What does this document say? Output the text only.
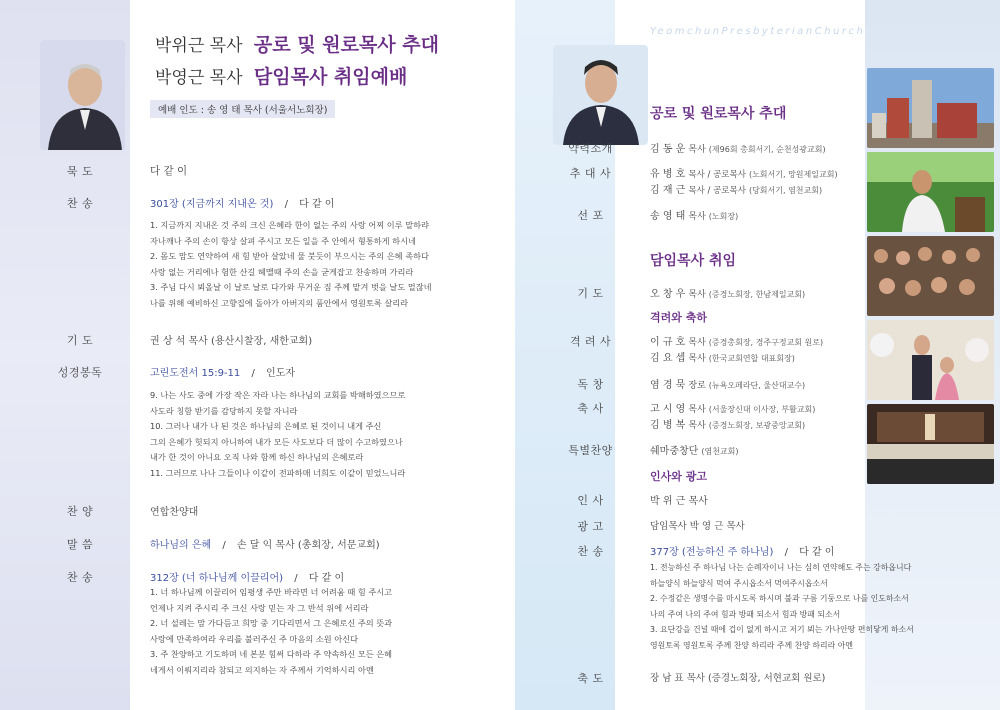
박위근 목사 공로 및 원로목사 추대
박영근 목사 담임목사 취임예배
예배 인도 : 송 영 태 목사 (서울서노회장)
묵 도	다 같 이
찬 송	301장 (지금까지 지내온 것) / 다 같 이
1. 지금까지 지내온 것 주의 크신 은혜라 한이 없는 주의 사랑 어찌 이루 말하랴
자나깨나 주의 손이 항상 살펴 주시고 모든 일을 주 안에서 형통하게 하시네
2. 몸도 맘도 연약하여 새 힘 받아 살았네 물 붓듯이 부으시는 주의 은혜 족하다
사랑 없는 거리에나 험한 산길 헤맬때 주의 손을 굳게잡고 찬송하며 가리라
3. 주님 다시 뵈올날 이 날로 날로 다가와 무거운 짐 주께 맡겨 벗을 날도 멀잖네
나를 위해 예비하신 고향집에 돌아가 아버지의 품안에서 영원토록 살리라
기 도	권 상 석 목사 (용산시찰장, 새한교회)
성경봉독	고린도전서 15:9-11 / 인도자
9. 나는 사도 중에 가장 작은 자라 나는 하나님의 교회를 박해하였으므로
사도라 칭함 받기를 감당하지 못할 자니라
10. 그러나 내가 나 된 것은 하나님의 은혜로 된 것이니 내게 주신
그의 은혜가 헛되지 아니하여 내가 모든 사도보다 더 많이 수고하였으나
내가 한 것이 아니요 오직 나와 함께 하신 하나님의 은혜로라
11. 그러므로 나나 그들이나 이같이 전파하매 너희도 이같이 믿었느니라
찬 양	연합찬양대
말 씀	하나님의 은혜 / 손 달 익 목사 (총회장, 서문교회)
찬 송	312장 (너 하나님께 이끌리어) / 다 같 이
1. 너 하나님께 이끌리어 임평생 주만 바라면 너 어려움 때 힘 주시고
언제나 지켜 주시리 주 크신 사랑 믿는 자 그 반석 위에 서리라
2. 너 설레는 맘 가다듬고 희망 중 기다리면서 그 은혜로신 주의 뜻과
사랑에 만족하여라 우리를 불러주신 주 마음의 소원 아신다
3. 주 찬양하고 기도하며 네 본분 힘써 다하라 주 약속하신 모든 은혜
네게서 이뤄지리라 참되고 의지하는 자 주께서 기억하시리 아멘
YeomchunPresbyterianChurch
공로 및 원로목사 추대
약력소개	김 동 운 목사 (제96회 총회서기, 순천성광교회)
추 대 사	유 병 호 목사 / 공로목사 (노회서기, 망원제일교회)
김 재 근 목사 / 공로목사 (당회서기, 염천교회)
선 포	송 영 태 목사 (노회장)
담임목사 취임
기 도	오 창 우 목사 (증경노회장, 한남제일교회)
격려와 축하
격 려 사	이 규 호 목사 (증경총회장, 경주구정교회 원로)
김 요 셉 목사 (한국교회연합 대표회장)
독 창	염 경 묵 장로 (뉴욕오페라단, 울산대교수)
축 사	고 시 영 목사 (서울장신대 이사장, 부활교회)
김 병 복 목사 (증경노회장, 보광중앙교회)
특별찬양	쉐마중창단 (염천교회)
인사와 광고
인 사	박 위 근 목사
광 고	담임목사 박 영 근 목사
찬 송	377장 (전능하신 주 하나님) / 다 같 이
1. 전능하신 주 하나님 나는 순례자이니 나는 심히 연약해도 주는 강하옵니다
하늘양식 하늘양식 먹여 주시옵소서 먹여주시옵소서
2. 수정같은 생명수를 마시도록 하시며 불과 구름 기둥으로 나를 인도하소서
나의 주여 나의 주여 힘과 방패 되소서 힘과 방패 되소서
3. 요단강을 건널 때에 겁이 없게 하시고 저기 뵈는 가나안땅 편히닿게 하소서
영원토록 영원토록 주께 찬양 하리라 주께 찬양 하리라 아멘
축 도	장 남 표 목사 (증경노회장, 서현교회 원로)
